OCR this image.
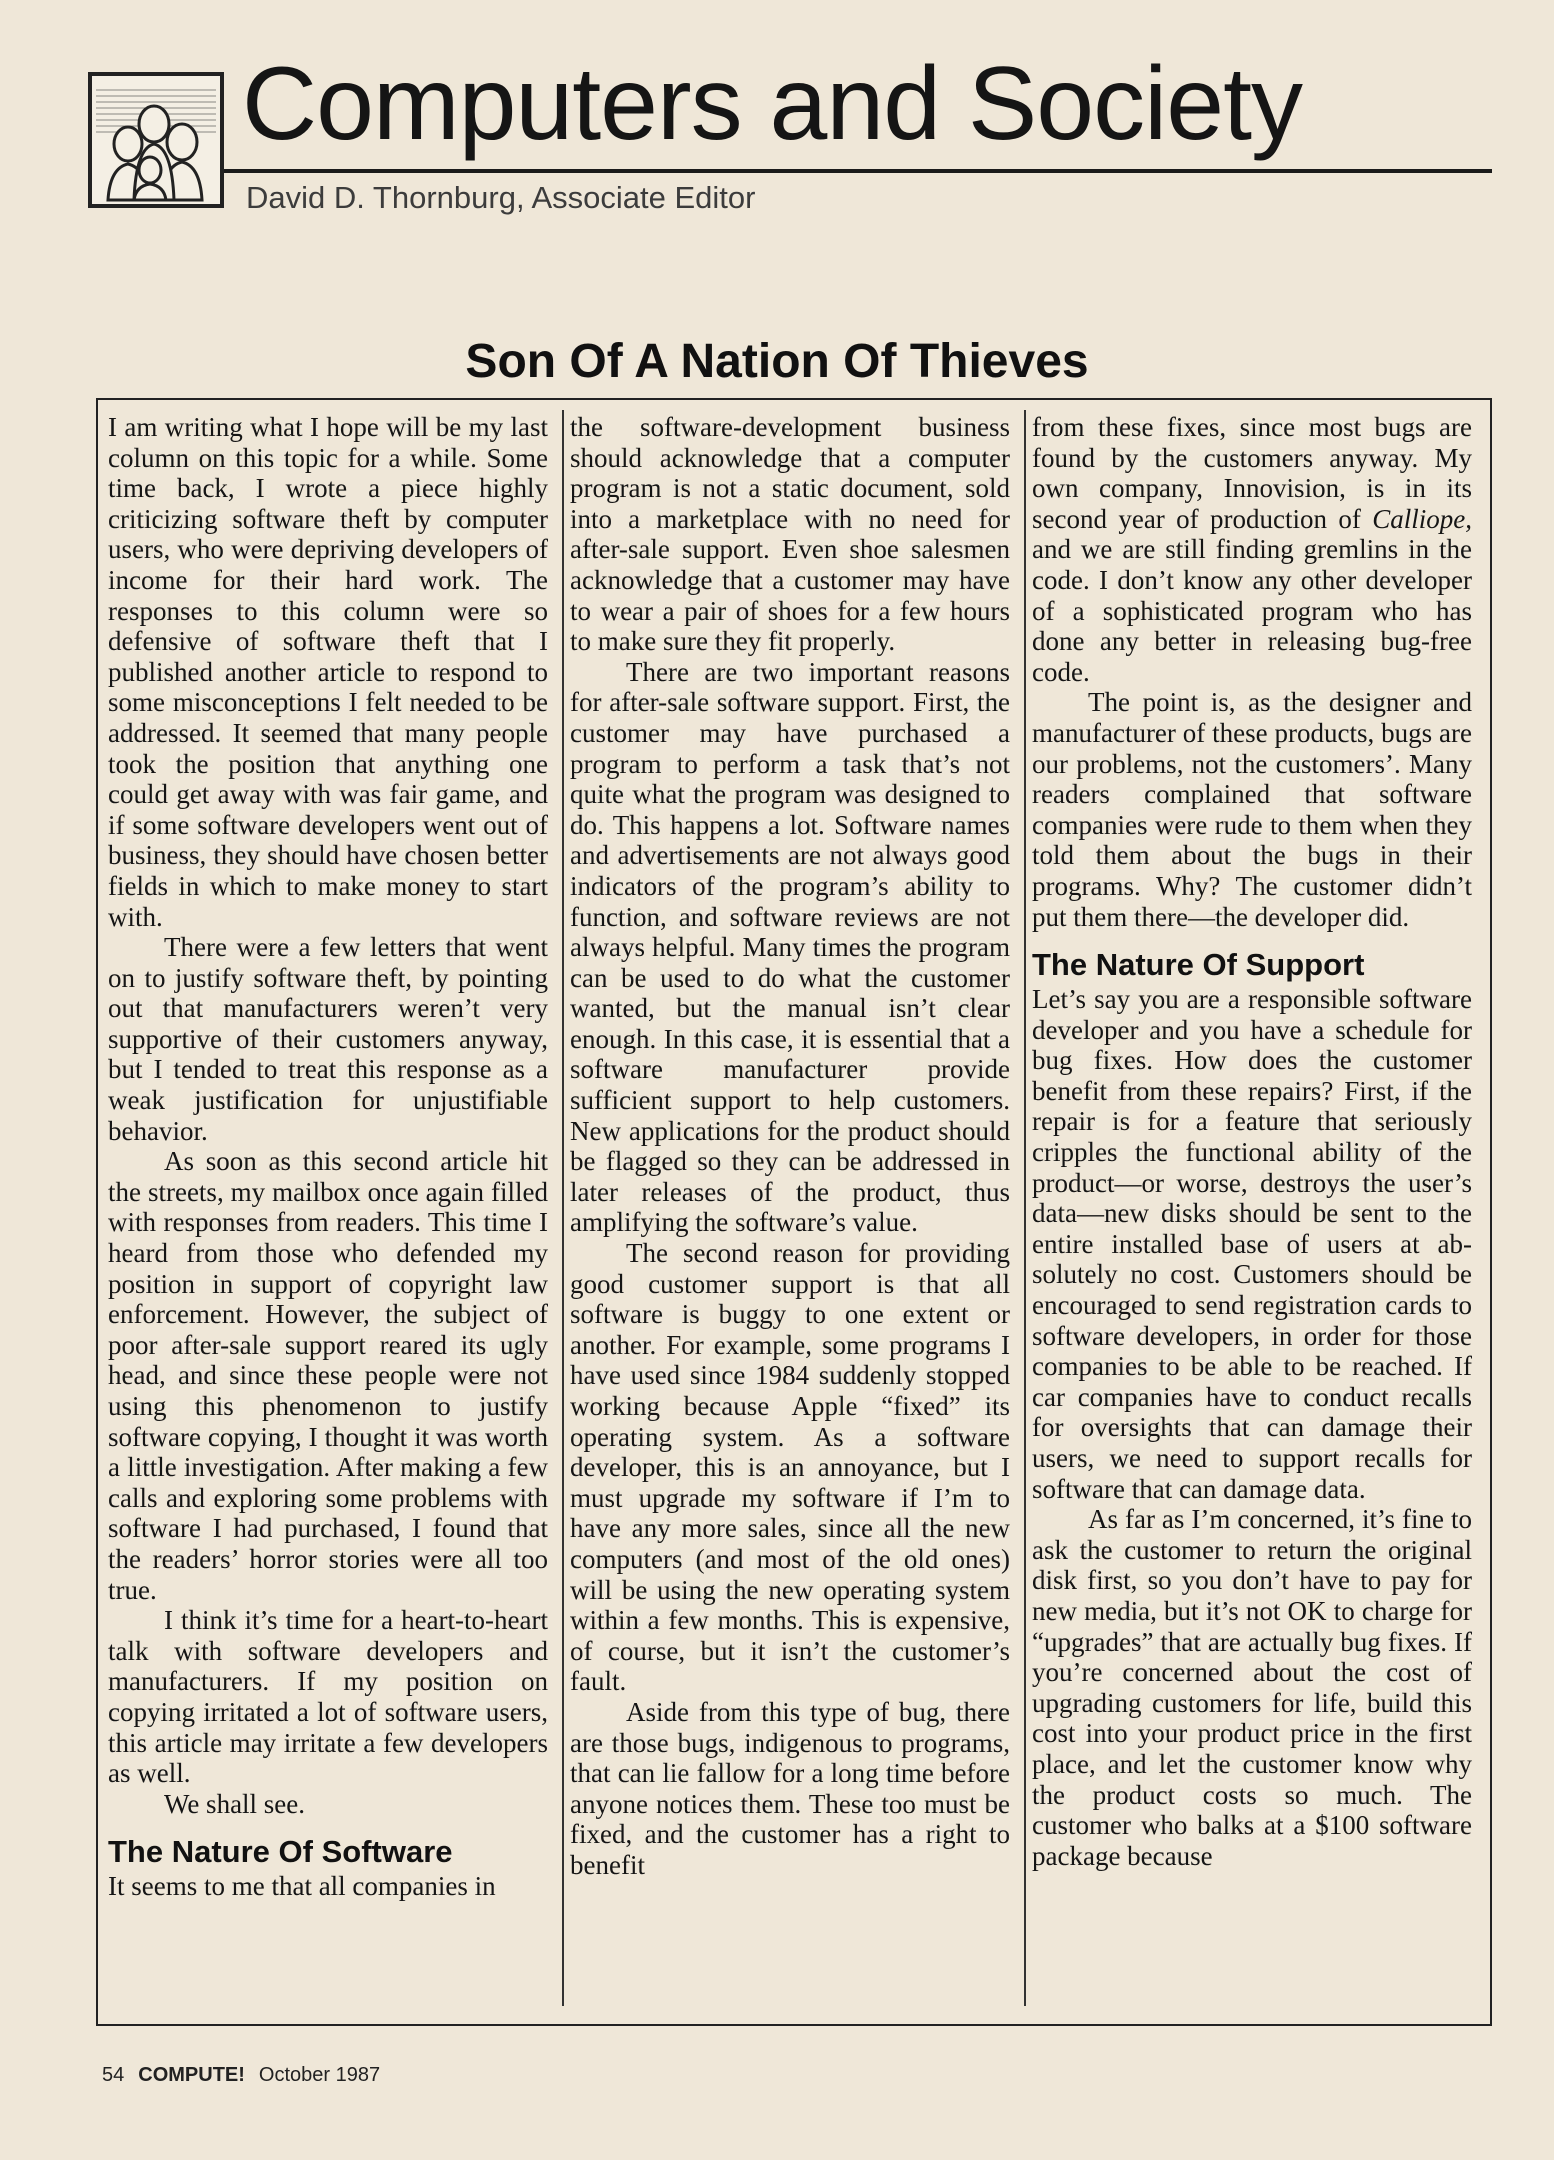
Computers and Society
David D. Thornburg, Associate Editor
Son Of A Nation Of Thieves

I am writing what I hope will be my last column on this topic for a while. Some time back, I wrote a piece highly criticizing software theft by computer users, who were depriving developers of income for their hard work. The responses to this column were so defensive of software theft that I published another article to respond to some misconceptions I felt needed to be addressed. It seemed that many people took the position that anything one could get away with was fair game, and if some software developers went out of business, they should have chosen better fields in which to make money to start with.

There were a few letters that went on to justify software theft, by pointing out that manufacturers weren’t very supportive of their customers anyway, but I tended to treat this response as a weak justification for unjustifiable behavior.

As soon as this second article hit the streets, my mailbox once again filled with responses from readers. This time I heard from those who defended my position in support of copyright law enforcement. However, the subject of poor after-sale support reared its ugly head, and since these people were not using this phenomenon to justify software copying, I thought it was worth a little investigation. After making a few calls and exploring some problems with software I had purchased, I found that the readers’ horror stories were all too true.

I think it’s time for a heart-to-heart talk with software developers and manufacturers. If my position on copying irritated a lot of software users, this article may irritate a few developers as well.

We shall see.

The Nature Of Software

It seems to me that all companies in

the software-development business should acknowledge that a computer program is not a static document, sold into a marketplace with no need for after-sale support. Even shoe salesmen acknowledge that a customer may have to wear a pair of shoes for a few hours to make sure they fit properly.

There are two important reasons for after-sale software support. First, the customer may have purchased a program to perform a task that’s not quite what the program was designed to do. This happens a lot. Software names and advertisements are not always good indicators of the program’s ability to function, and software reviews are not always helpful. Many times the program can be used to do what the customer wanted, but the manual isn’t clear enough. In this case, it is essential that a software manufacturer provide sufficient support to help customers. New applications for the product should be flagged so they can be addressed in later releases of the product, thus amplifying the software’s value.

The second reason for providing good customer support is that all software is buggy to one extent or another. For example, some programs I have used since 1984 suddenly stopped working because Apple “fixed” its operating system. As a software developer, this is an annoyance, but I must upgrade my software if I’m to have any more sales, since all the new computers (and most of the old ones) will be using the new operating system within a few months. This is expensive, of course, but it isn’t the customer’s fault.

Aside from this type of bug, there are those bugs, indigenous to programs, that can lie fallow for a long time before anyone notices them. These too must be fixed, and the customer has a right to benefit

from these fixes, since most bugs are found by the customers anyway. My own company, Innovision, is in its second year of production of Calliope, and we are still finding gremlins in the code. I don’t know any other developer of a sophisticated program who has done any better in releasing bug-free code.

The point is, as the designer and manufacturer of these products, bugs are our problems, not the customers’. Many readers complained that software companies were rude to them when they told them about the bugs in their programs. Why? The customer didn’t put them there—the developer did.

The Nature Of Support

Let’s say you are a responsible software developer and you have a schedule for bug fixes. How does the customer benefit from these repairs? First, if the repair is for a feature that seriously cripples the functional ability of the product—or worse, destroys the user’s data—new disks should be sent to the entire installed base of users at absolutely no cost. Customers should be encouraged to send registration cards to software developers, in order for those companies to be able to be reached. If car companies have to conduct recalls for oversights that can damage their users, we need to support recalls for software that can damage data.

As far as I’m concerned, it’s fine to ask the customer to return the original disk first, so you don’t have to pay for new media, but it’s not OK to charge for “upgrades” that are actually bug fixes. If you’re concerned about the cost of upgrading customers for life, build this cost into your product price in the first place, and let the customer know why the product costs so much. The customer who balks at a $100 software package because

54 COMPUTE! October 1987
